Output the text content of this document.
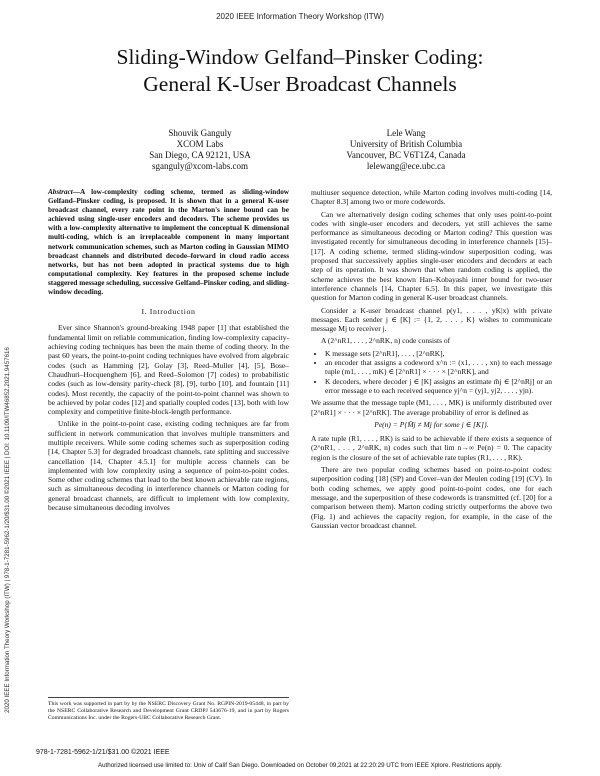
2020 IEEE Information Theory Workshop (ITW)
Sliding-Window Gelfand–Pinsker Coding:
General K-User Broadcast Channels
Shouvik Ganguly
XCOM Labs
San Diego, CA 92121, USA
sganguly@xcom-labs.com
Lele Wang
University of British Columbia
Vancouver, BC V6T1Z4, Canada
lelewang@ece.ubc.ca
2020 IEEE Information Theory Workshop (ITW) | 978-1-7281-5962-1/20/$31.00 ©2021 IEEE | DOI: 10.1109/ITW46852.2021.9457616

Abstract—A low-complexity coding scheme, termed as sliding-window Gelfand–Pinsker coding, is proposed. It is shown that in a general K-user broadcast channel, every rate point in the Marton's inner bound can be achieved using single-user encoders and decoders. The scheme provides us with a low-complexity alternative to implement the conceptual K dimensional multi-coding, which is an irreplaceable component in many important network communication schemes, such as Marton coding in Gaussian MIMO broadcast channels and distributed decode–forward in cloud radio access networks, but has not been adopted in practical systems due to high computational complexity. Key features in the proposed scheme include staggered message scheduling, successive Gelfand–Pinsker coding, and sliding-window decoding.

I. Introduction

Ever since Shannon's ground-breaking 1948 paper [1] that established the fundamental limit on reliable communication, finding low-complexity capacity-achieving coding techniques has been the main theme of coding theory. In the past 60 years, the point-to-point coding techniques have evolved from algebraic codes (such as Hamming [2], Golay [3], Reed–Muller [4], [5], Bose–Chaudhuri–Hocquenghem [6], and Reed–Solomon [7] codes) to probabilistic codes (such as low-density parity-check [8], [9], turbo [10], and fountain [11] codes). Most recently, the capacity of the point-to-point channel was shown to be achieved by polar codes [12] and spatially coupled codes [13], both with low complexity and competitive finite-block-length performance.

Unlike in the point-to-point case, existing coding techniques are far from sufficient in network communication that involves multiple transmitters and multiple receivers. While some coding schemes such as superposition coding [14, Chapter 5.3] for degraded broadcast channels, rate splitting and successive cancellation [14, Chapter 4.5.1] for multiple access channels can be implemented with low complexity using a sequence of point-to-point codes. Some other coding schemes that lead to the best known achievable rate regions, such as simultaneous decoding in interference channels or Marton coding for general broadcast channels, are difficult to implement with low complexity, because simultaneous decoding involves

This work was supported in part by by the NSERC Discovery Grant No. RGPIN-2019-05448, in part by the NSERC Collaborative Research and Development Grant CRDPJ 543676-19, and in part by Rogers Communications Inc. under the Rogers-UBC Collaborative Research Grant.

multiuser sequence detection, while Marton coding involves multi-coding [14, Chapter 8.3] among two or more codewords.

Can we alternatively design coding schemes that only uses point-to-point codes with single-user encoders and decoders, yet still achieves the same performance as simultaneous decoding or Marton coding? This question was investigated recently for simultaneous decoding in interference channels [15]–[17]. A coding scheme, termed sliding-window superposition coding, was proposed that successively applies single-user encoders and decoders at each step of its operation. It was shown that when random coding is applied, the scheme achieves the best known Han–Kobayashi inner bound for two-user interference channels [14, Chapter 6.5]. In this paper, we investigate this question for Marton coding in general K-user broadcast channels.

Consider a K-user broadcast channel p(y1, . . . , yK|x) with private messages. Each sender j ∈ [K] := {1, 2, . . . , K} wishes to communicate message Mj to receiver j.

A (2^nR1, . . . , 2^nRK, n) code consists of

• K message sets [2^nR1], . . . , [2^nRK],
• an encoder that assigns a codeword x^n := (x1, . . . , xn) to each message tuple (m1, . . . , mK) ∈ [2^nR1] × · · · × [2^nRK], and
• K decoders, where decoder j ∈ [K] assigns an estimate m̂j ∈ [2^nRj] or an error message e to each received sequence yj^n = (yj1, yj2, . . . , yjn).

We assume that the message tuple (M1, . . . , MK) is uniformly distributed over [2^nR1] × · · · × [2^nRK]. The average probability of error is defined as

Pe(n) = P{M̂j ≠ Mj for some j ∈ [K]}.

A rate tuple (R1, . . . , RK) is said to be achievable if there exists a sequence of (2^nR1, . . . , 2^nRK, n) codes such that lim n→∞ Pe(n) = 0. The capacity region is the closure of the set of achievable rate tuples (R1, . . . , RK).

There are two popular coding schemes based on point-to-point codes: superposition coding [18] (SP) and Cover–van der Meulen coding [19] (CV). In both coding schemes, we apply good point-to-point codes, one for each message, and the superposition of these codewords is transmitted (cf. [20] for a comparison between them). Marton coding strictly outperforms the above two (Fig. 1) and achieves the capacity region, for example, in the case of the Gaussian vector broadcast channel.

978-1-7281-5962-1/21/$31.00 ©2021 IEEE
Authorized licensed use limited to: Univ of Calif San Diego. Downloaded on October 09,2021 at 22:20:29 UTC from IEEE Xplore. Restrictions apply.
